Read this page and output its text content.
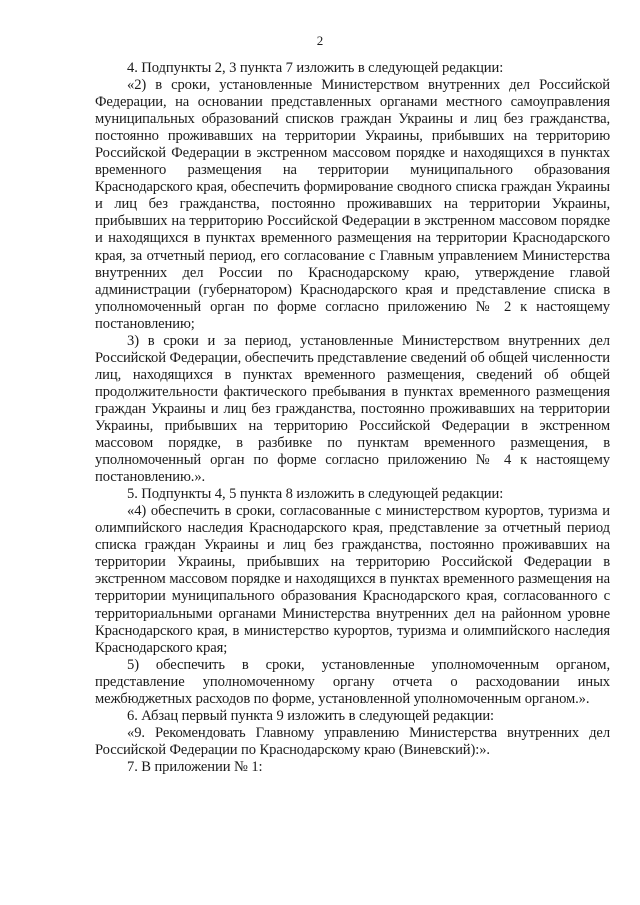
2

4. Подпункты 2, 3 пункта 7 изложить в следующей редакции:

«2) в сроки, установленные Министерством внутренних дел Российской Федерации, на основании представленных органами местного самоуправления муниципальных образований списков граждан Украины и лиц без гражданства, постоянно проживавших на территории Украины, прибывших на территорию Российской Федерации в экстренном массовом порядке и находящихся в пунктах временного размещения на территории муниципального образования Краснодарского края, обеспечить формирование сводного списка граждан Украины и лиц без гражданства, постоянно проживавших на территории Украины, прибывших на территорию Российской Федерации в экстренном массовом порядке и находящихся в пунктах временного размещения на территории Краснодарского края, за отчетный период, его согласование с Главным управлением Министерства внутренних дел России по Краснодарскому краю, утверждение главой администрации (губернатором) Краснодарского края и представление списка в уполномоченный орган по форме согласно приложению № 2 к настоящему постановлению;

3) в сроки и за период, установленные Министерством внутренних дел Российской Федерации, обеспечить представление сведений об общей численности лиц, находящихся в пунктах временного размещения, сведений об общей продолжительности фактического пребывания в пунктах временного размещения граждан Украины и лиц без гражданства, постоянно проживавших на территории Украины, прибывших на территорию Российской Федерации в экстренном массовом порядке, в разбивке по пунктам временного размещения, в уполномоченный орган по форме согласно приложению № 4 к настоящему постановлению.».

5. Подпункты 4, 5 пункта 8 изложить в следующей редакции:

«4) обеспечить в сроки, согласованные с министерством курортов, туризма и олимпийского наследия Краснодарского края, представление за отчетный период списка граждан Украины и лиц без гражданства, постоянно проживавших на территории Украины, прибывших на территорию Российской Федерации в экстренном массовом порядке и находящихся в пунктах временного размещения на территории муниципального образования Краснодарского края, согласованного с территориальными органами Министерства внутренних дел на районном уровне Краснодарского края, в министерство курортов, туризма и олимпийского наследия Краснодарского края;

5) обеспечить в сроки, установленные уполномоченным органом, представление уполномоченному органу отчета о расходовании иных межбюджетных расходов по форме, установленной уполномоченным органом.».

6. Абзац первый пункта 9 изложить в следующей редакции:

«9. Рекомендовать Главному управлению Министерства внутренних дел Российской Федерации по Краснодарскому краю (Виневский):».

7. В приложении № 1:
